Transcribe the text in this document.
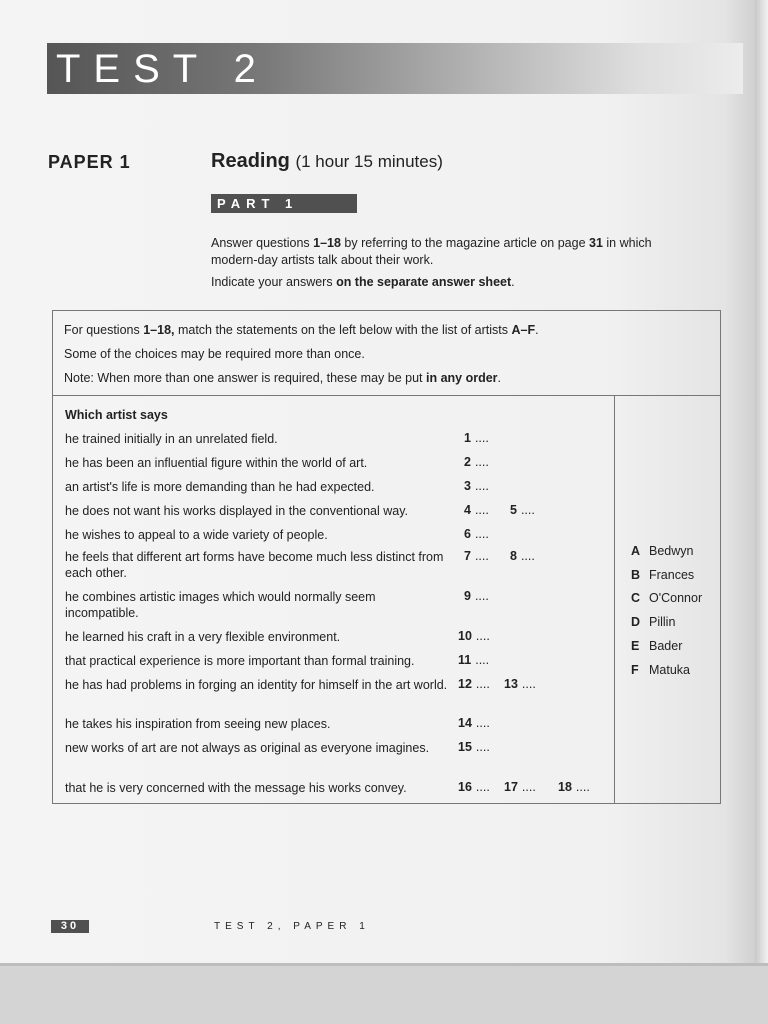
TEST 2
PAPER 1	Reading (1 hour 15 minutes)
PART 1
Answer questions 1–18 by referring to the magazine article on page 31 in which modern-day artists talk about their work.
Indicate your answers on the separate answer sheet.
For questions 1–18, match the statements on the left below with the list of artists A–F.
Some of the choices may be required more than once.
Note: When more than one answer is required, these may be put in any order.
Which artist says
he trained initially in an unrelated field.	1 ....
he has been an influential figure within the world of art.	2 ....
an artist's life is more demanding than he had expected.	3 ....
he does not want his works displayed in the conventional way.	4 .... 5 ....
he wishes to appeal to a wide variety of people.	6 ....
he feels that different art forms have become much less distinct from each other.
7 .... 8 ....
he combines artistic images which would normally seem incompatible.
9 ....
he learned his craft in a very flexible environment.	10 ....
that practical experience is more important than formal training.	11 ....
he has had problems in forging an identity for himself in the art world. 12 .... 13 ....
he takes his inspiration from seeing new places.	14 ....
new works of art are not always as original as everyone imagines.	15 ....
that he is very concerned with the message his works convey.	16 .... 17 .... 18 ....
A Bedwyn
B Frances
C O'Connor
D Pillin
E Bader
F Matuka
30	TEST 2, PAPER 1
